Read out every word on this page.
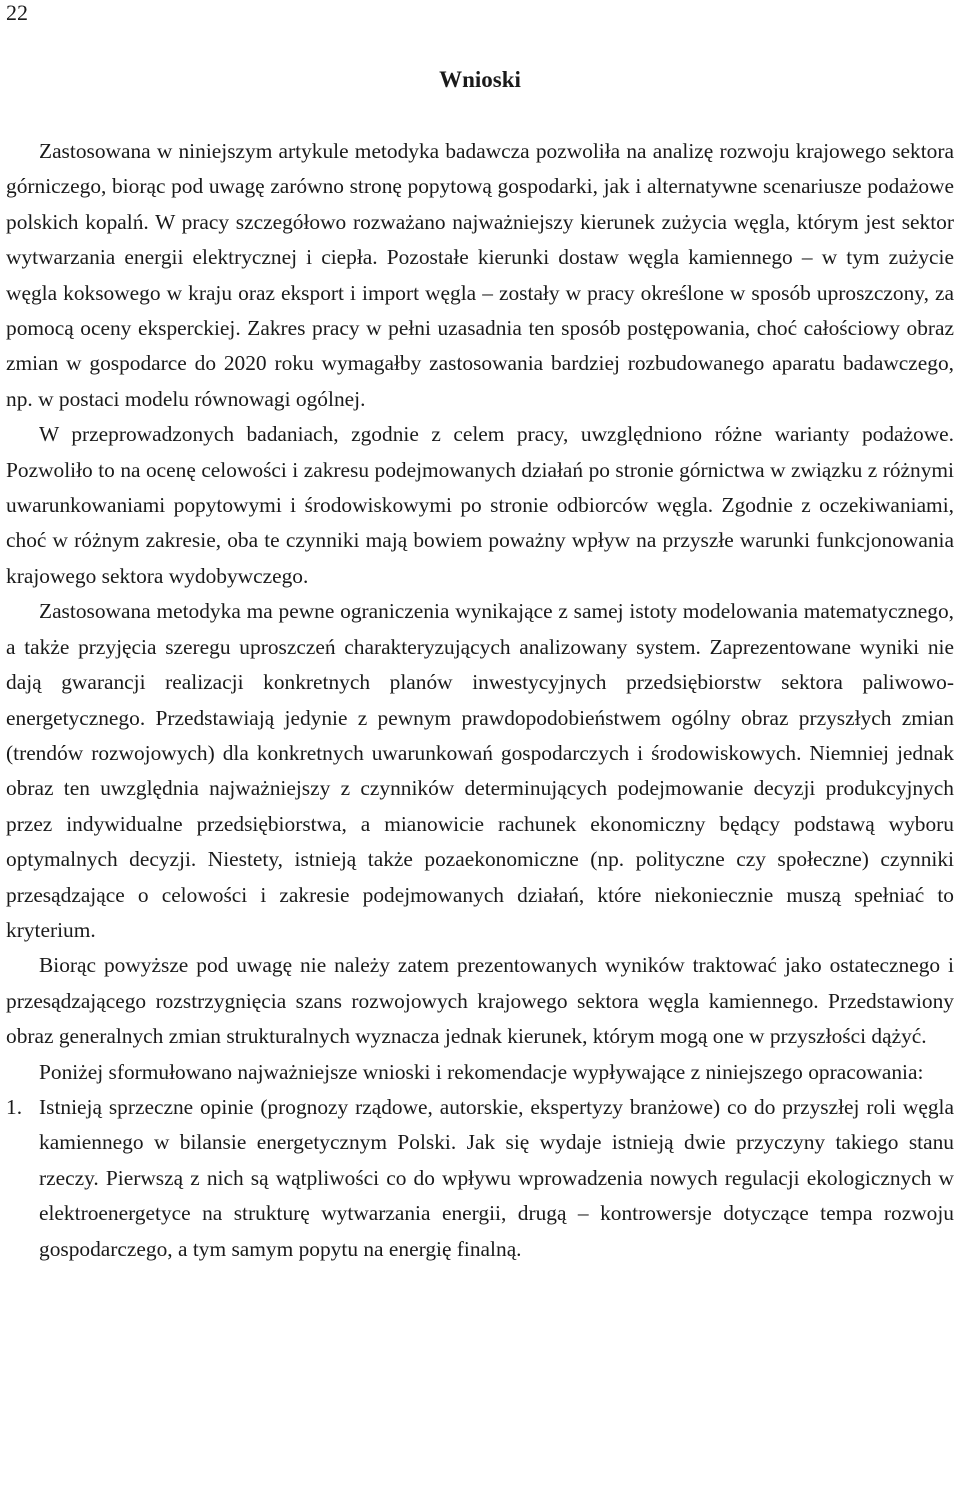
22
Wnioski

Zastosowana w niniejszym artykule metodyka badawcza pozwoliła na analizę rozwoju krajowego sektora górniczego, biorąc pod uwagę zarówno stronę popytową gospodarki, jak i alternatywne scenariusze podażowe polskich kopalń. W pracy szczegółowo rozważano najważniejszy kierunek zużycia węgla, którym jest sektor wytwarzania energii elektrycznej i ciepła. Pozostałe kierunki dostaw węgla kamiennego – w tym zużycie węgla koksowego w kraju oraz eksport i import węgla – zostały w pracy określone w sposób uproszczony, za pomocą oceny eksperckiej. Zakres pracy w pełni uzasadnia ten sposób postępowania, choć całościowy obraz zmian w gospodarce do 2020 roku wymagałby zastosowania bardziej rozbudowanego aparatu badawczego, np. w postaci modelu równowagi ogólnej.

W przeprowadzonych badaniach, zgodnie z celem pracy, uwzględniono różne warianty podażowe. Pozwoliło to na ocenę celowości i zakresu podejmowanych działań po stronie górnictwa w związku z różnymi uwarunkowaniami popytowymi i środowiskowymi po stronie odbiorców węgla. Zgodnie z oczekiwaniami, choć w różnym zakresie, oba te czynniki mają bowiem poważny wpływ na przyszłe warunki funkcjonowania krajowego sektora wydobywczego.

Zastosowana metodyka ma pewne ograniczenia wynikające z samej istoty modelowania matematycznego, a także przyjęcia szeregu uproszczeń charakteryzujących analizowany system. Zaprezentowane wyniki nie dają gwarancji realizacji konkretnych planów inwestycyjnych przedsiębiorstw sektora paliwowo-energetycznego. Przedstawiają jedynie z pewnym prawdopodobieństwem ogólny obraz przyszłych zmian (trendów rozwojowych) dla konkretnych uwarunkowań gospodarczych i środowiskowych. Niemniej jednak obraz ten uwzględnia najważniejszy z czynników determinujących podejmowanie decyzji produkcyjnych przez indywidualne przedsiębiorstwa, a mianowicie rachunek ekonomiczny będący podstawą wyboru optymalnych decyzji. Niestety, istnieją także pozaekonomiczne (np. polityczne czy społeczne) czynniki przesądzające o celowości i zakresie podejmowanych działań, które niekoniecznie muszą spełniać to kryterium.

Biorąc powyższe pod uwagę nie należy zatem prezentowanych wyników traktować jako ostatecznego i przesądzającego rozstrzygnięcia szans rozwojowych krajowego sektora węgla kamiennego. Przedstawiony obraz generalnych zmian strukturalnych wyznacza jednak kierunek, którym mogą one w przyszłości dążyć.

Poniżej sformułowano najważniejsze wnioski i rekomendacje wypływające z niniejszego opracowania:

1. Istnieją sprzeczne opinie (prognozy rządowe, autorskie, ekspertyzy branżowe) co do przyszłej roli węgla kamiennego w bilansie energetycznym Polski. Jak się wydaje istnieją dwie przyczyny takiego stanu rzeczy. Pierwszą z nich są wątpliwości co do wpływu wprowadzenia nowych regulacji ekologicznych w elektroenergetyce na strukturę wytwarzania energii, drugą – kontrowersje dotyczące tempa rozwoju gospodarczego, a tym samym popytu na energię finalną.
